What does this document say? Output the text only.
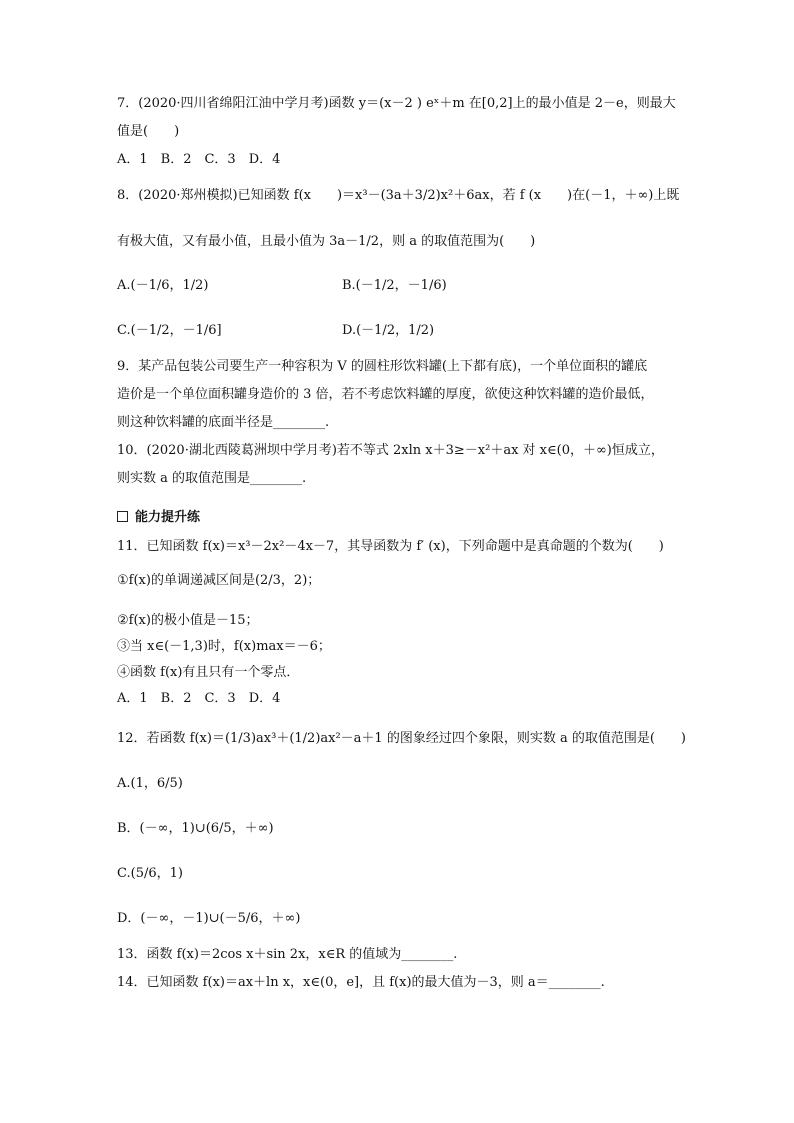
7．(2020·四川省绵阳江油中学月考)函数 y＝(x－2 ) eˣ＋m 在[0,2]上的最小值是 2－e，则最大
值是(　　)
A．1　B．2　C．3　D．4
8．(2020·郑州模拟)已知函数 f(x　　)＝x³－(3a＋3/2)x²＋6ax，若 f (x　　)在(－1，＋∞)上既
有极大值，又有最小值，且最小值为 3a－1/2，则 a 的取值范围为(　　)
A.(－1/6，1/2)	B.(－1/2，－1/6)
C.(－1/2，－1/6]	D.(－1/2，1/2)
9．某产品包装公司要生产一种容积为 V 的圆柱形饮料罐(上下都有底)，一个单位面积的罐底
造价是一个单位面积罐身造价的 3 倍，若不考虑饮料罐的厚度，欲使这种饮料罐的造价最低，
则这种饮料罐的底面半径是________.
10．(2020·湖北西陵葛洲坝中学月考)若不等式 2xln x＋3≥－x²＋ax 对 x∈(0，＋∞)恒成立，
则实数 a 的取值范围是________.
能力提升练
11．已知函数 f(x)＝x³－2x²－4x－7，其导函数为 f′ (x)，下列命题中是真命题的个数为(　　)
①f(x)的单调递减区间是(2/3，2)；
②f(x)的极小值是－15；
③当 x∈(－1,3)时，f(x)max＝－6；
④函数 f(x)有且只有一个零点．
A．1　B．2　C．3　D．4
12．若函数 f(x)＝(1/3)ax³＋(1/2)ax²－a＋1 的图象经过四个象限，则实数 a 的取值范围是(　　)
A.(1，6/5)
B．(－∞，1)∪(6/5，＋∞)
C.(5/6，1)
D．(－∞，－1)∪(－5/6，＋∞)
13．函数 f(x)＝2cos x＋sin 2x，x∈R 的值域为________.
14．已知函数 f(x)＝ax＋ln x，x∈(0，e]，且 f(x)的最大值为－3，则 a＝________.
